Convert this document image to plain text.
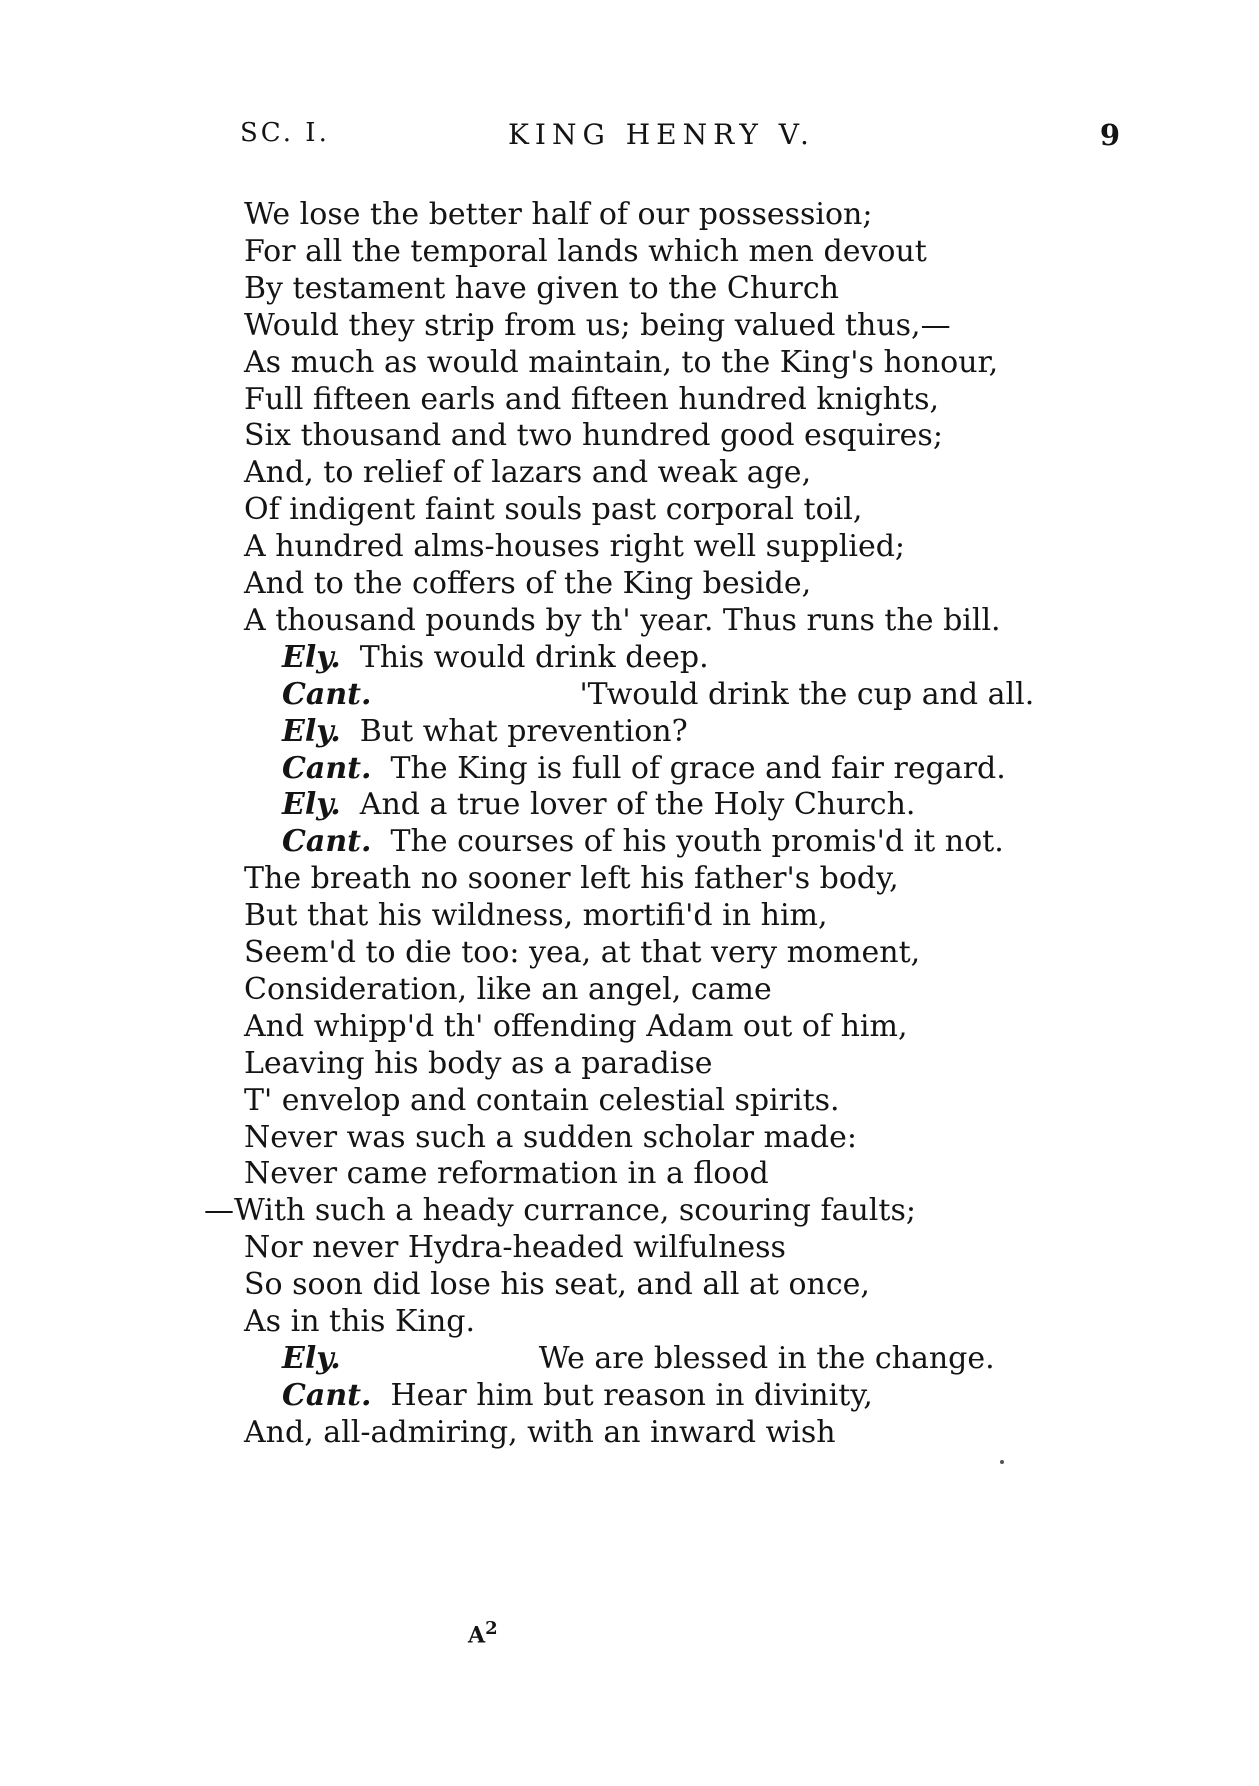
SC. I.	KING HENRY V.	9
We lose the better half of our possession;
For all the temporal lands which men devout
By testament have given to the Church
Would they strip from us; being valued thus,—
As much as would maintain, to the King's honour,
Full fifteen earls and fifteen hundred knights,
Six thousand and two hundred good esquires;
And, to relief of lazars and weak age,
Of indigent faint souls past corporal toil,
A hundred alms-houses right well supplied;
And to the coffers of the King beside,
A thousand pounds by th' year. Thus runs the bill.
Ely. This would drink deep.
Cant.	'Twould drink the cup and all.
Ely. But what prevention?
Cant. The King is full of grace and fair regard.
Ely. And a true lover of the Holy Church.
Cant. The courses of his youth promis'd it not.
The breath no sooner left his father's body,
But that his wildness, mortifi'd in him,
Seem'd to die too: yea, at that very moment,
Consideration, like an angel, came
And whipp'd th' offending Adam out of him,
Leaving his body as a paradise
T' envelop and contain celestial spirits.
Never was such a sudden scholar made:
Never came reformation in a flood
—With such a heady currance, scouring faults;
Nor never Hydra-headed wilfulness
So soon did lose his seat, and all at once,
As in this King.
Ely.	We are blessed in the change.
Cant. Hear him but reason in divinity,
And, all-admiring, with an inward wish
$A^2$
